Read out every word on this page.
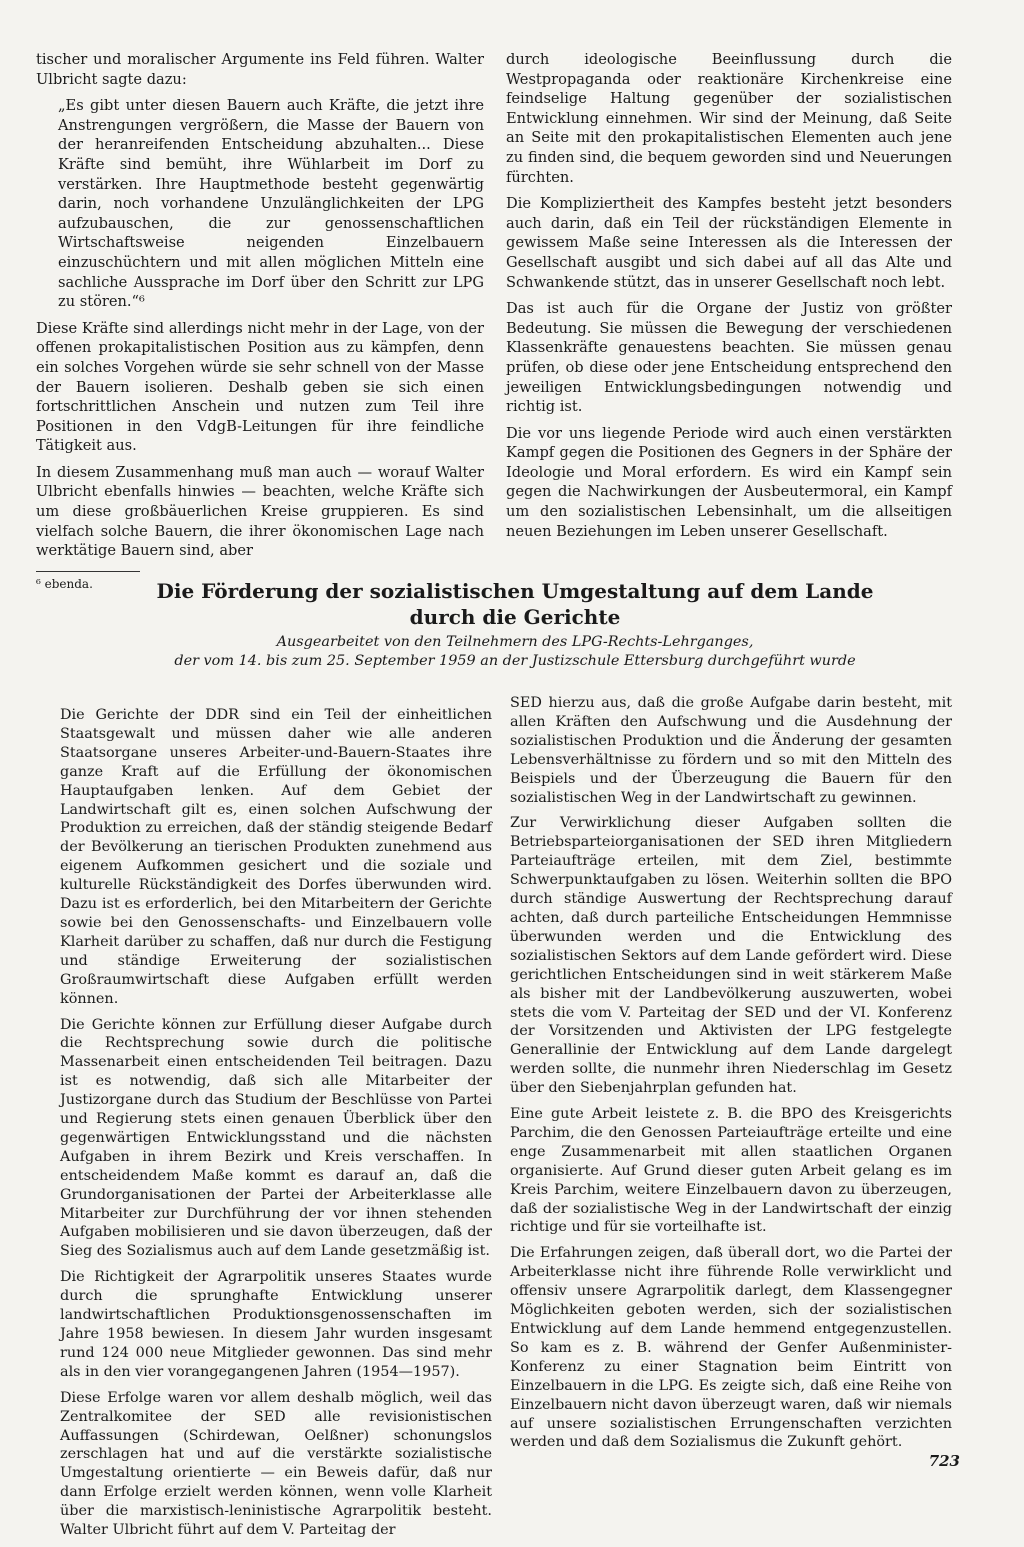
tischer und moralischer Argumente ins Feld führen. Walter Ulbricht sagte dazu:

„Es gibt unter diesen Bauern auch Kräfte, die jetzt ihre Anstrengungen vergrößern, die Masse der Bauern von der heranreifenden Entscheidung abzuhalten... Diese Kräfte sind bemüht, ihre Wühlarbeit im Dorf zu verstärken. Ihre Hauptmethode besteht gegenwärtig darin, noch vorhandene Unzulänglichkeiten der LPG aufzubauschen, die zur genossenschaftlichen Wirtschaftsweise neigenden Einzelbauern einzuschüchtern und mit allen möglichen Mitteln eine sachliche Aussprache im Dorf über den Schritt zur LPG zu stören.“⁶

Diese Kräfte sind allerdings nicht mehr in der Lage, von der offenen prokapitalistischen Position aus zu kämpfen, denn ein solches Vorgehen würde sie sehr schnell von der Masse der Bauern isolieren. Deshalb geben sie sich einen fortschrittlichen Anschein und nutzen zum Teil ihre Positionen in den VdgB-Leitungen für ihre feindliche Tätigkeit aus.

In diesem Zusammenhang muß man auch — worauf Walter Ulbricht ebenfalls hinwies — beachten, welche Kräfte sich um diese großbäuerlichen Kreise gruppieren. Es sind vielfach solche Bauern, die ihrer ökonomischen Lage nach werktätige Bauern sind, aber

⁶ ebenda.

durch ideologische Beeinflussung durch die Westpropaganda oder reaktionäre Kirchenkreise eine feindselige Haltung gegenüber der sozialistischen Entwicklung einnehmen. Wir sind der Meinung, daß Seite an Seite mit den prokapitalistischen Elementen auch jene zu finden sind, die bequem geworden sind und Neuerungen fürchten.

Die Kompliziertheit des Kampfes besteht jetzt besonders auch darin, daß ein Teil der rückständigen Elemente in gewissem Maße seine Interessen als die Interessen der Gesellschaft ausgibt und sich dabei auf all das Alte und Schwankende stützt, das in unserer Gesellschaft noch lebt.

Das ist auch für die Organe der Justiz von größter Bedeutung. Sie müssen die Bewegung der verschiedenen Klassenkräfte genauestens beachten. Sie müssen genau prüfen, ob diese oder jene Entscheidung entsprechend den jeweiligen Entwicklungsbedingungen notwendig und richtig ist.

Die vor uns liegende Periode wird auch einen verstärkten Kampf gegen die Positionen des Gegners in der Sphäre der Ideologie und Moral erfordern. Es wird ein Kampf sein gegen die Nachwirkungen der Ausbeutermoral, ein Kampf um den sozialistischen Lebensinhalt, um die allseitigen neuen Beziehungen im Leben unserer Gesellschaft.

Die Förderung der sozialistischen Umgestaltung auf dem Lande
durch die Gerichte
Ausgearbeitet von den Teilnehmern des LPG-Rechts-Lehrganges,
der vom 14. bis zum 25. September 1959 an der Justizschule Ettersburg durchgeführt wurde

Die Gerichte der DDR sind ein Teil der einheitlichen Staatsgewalt und müssen daher wie alle anderen Staatsorgane unseres Arbeiter-und-Bauern-Staates ihre ganze Kraft auf die Erfüllung der ökonomischen Hauptaufgaben lenken. Auf dem Gebiet der Landwirtschaft gilt es, einen solchen Aufschwung der Produktion zu erreichen, daß der ständig steigende Bedarf der Bevölkerung an tierischen Produkten zunehmend aus eigenem Aufkommen gesichert und die soziale und kulturelle Rückständigkeit des Dorfes überwunden wird. Dazu ist es erforderlich, bei den Mitarbeitern der Gerichte sowie bei den Genossenschafts- und Einzelbauern volle Klarheit darüber zu schaffen, daß nur durch die Festigung und ständige Erweiterung der sozialistischen Großraumwirtschaft diese Aufgaben erfüllt werden können.

Die Gerichte können zur Erfüllung dieser Aufgabe durch die Rechtsprechung sowie durch die politische Massenarbeit einen entscheidenden Teil beitragen. Dazu ist es notwendig, daß sich alle Mitarbeiter der Justizorgane durch das Studium der Beschlüsse von Partei und Regierung stets einen genauen Überblick über den gegenwärtigen Entwicklungsstand und die nächsten Aufgaben in ihrem Bezirk und Kreis verschaffen. In entscheidendem Maße kommt es darauf an, daß die Grundorganisationen der Partei der Arbeiterklasse alle Mitarbeiter zur Durchführung der vor ihnen stehenden Aufgaben mobilisieren und sie davon überzeugen, daß der Sieg des Sozialismus auch auf dem Lande gesetzmäßig ist.

Die Richtigkeit der Agrarpolitik unseres Staates wurde durch die sprunghafte Entwicklung unserer landwirtschaftlichen Produktionsgenossenschaften im Jahre 1958 bewiesen. In diesem Jahr wurden insgesamt rund 124 000 neue Mitglieder gewonnen. Das sind mehr als in den vier vorangegangenen Jahren (1954—1957).

Diese Erfolge waren vor allem deshalb möglich, weil das Zentralkomitee der SED alle revisionistischen Auffassungen (Schirdewan, Oelßner) schonungslos zerschlagen hat und auf die verstärkte sozialistische Umgestaltung orientierte — ein Beweis dafür, daß nur dann Erfolge erzielt werden können, wenn volle Klarheit über die marxistisch-leninistische Agrarpolitik besteht. Walter Ulbricht führt auf dem V. Parteitag der

SED hierzu aus, daß die große Aufgabe darin besteht, mit allen Kräften den Aufschwung und die Ausdehnung der sozialistischen Produktion und die Änderung der gesamten Lebensverhältnisse zu fördern und so mit den Mitteln des Beispiels und der Überzeugung die Bauern für den sozialistischen Weg in der Landwirtschaft zu gewinnen.

Zur Verwirklichung dieser Aufgaben sollten die Betriebsparteiorganisationen der SED ihren Mitgliedern Parteiaufträge erteilen, mit dem Ziel, bestimmte Schwerpunktaufgaben zu lösen. Weiterhin sollten die BPO durch ständige Auswertung der Rechtsprechung darauf achten, daß durch parteiliche Entscheidungen Hemmnisse überwunden werden und die Entwicklung des sozialistischen Sektors auf dem Lande gefördert wird. Diese gerichtlichen Entscheidungen sind in weit stärkerem Maße als bisher mit der Landbevölkerung auszuwerten, wobei stets die vom V. Parteitag der SED und der VI. Konferenz der Vorsitzenden und Aktivisten der LPG festgelegte Generallinie der Entwicklung auf dem Lande dargelegt werden sollte, die nunmehr ihren Niederschlag im Gesetz über den Siebenjahrplan gefunden hat.

Eine gute Arbeit leistete z. B. die BPO des Kreisgerichts Parchim, die den Genossen Parteiaufträge erteilte und eine enge Zusammenarbeit mit allen staatlichen Organen organisierte. Auf Grund dieser guten Arbeit gelang es im Kreis Parchim, weitere Einzelbauern davon zu überzeugen, daß der sozialistische Weg in der Landwirtschaft der einzig richtige und für sie vorteilhafte ist.

Die Erfahrungen zeigen, daß überall dort, wo die Partei der Arbeiterklasse nicht ihre führende Rolle verwirklicht und offensiv unsere Agrarpolitik darlegt, dem Klassengegner Möglichkeiten geboten werden, sich der sozialistischen Entwicklung auf dem Lande hemmend entgegenzustellen. So kam es z. B. während der Genfer Außenminister-Konferenz zu einer Stagnation beim Eintritt von Einzelbauern in die LPG. Es zeigte sich, daß eine Reihe von Einzelbauern nicht davon überzeugt waren, daß wir niemals auf unsere sozialistischen Errungenschaften verzichten werden und daß dem Sozialismus die Zukunft gehört.

723
